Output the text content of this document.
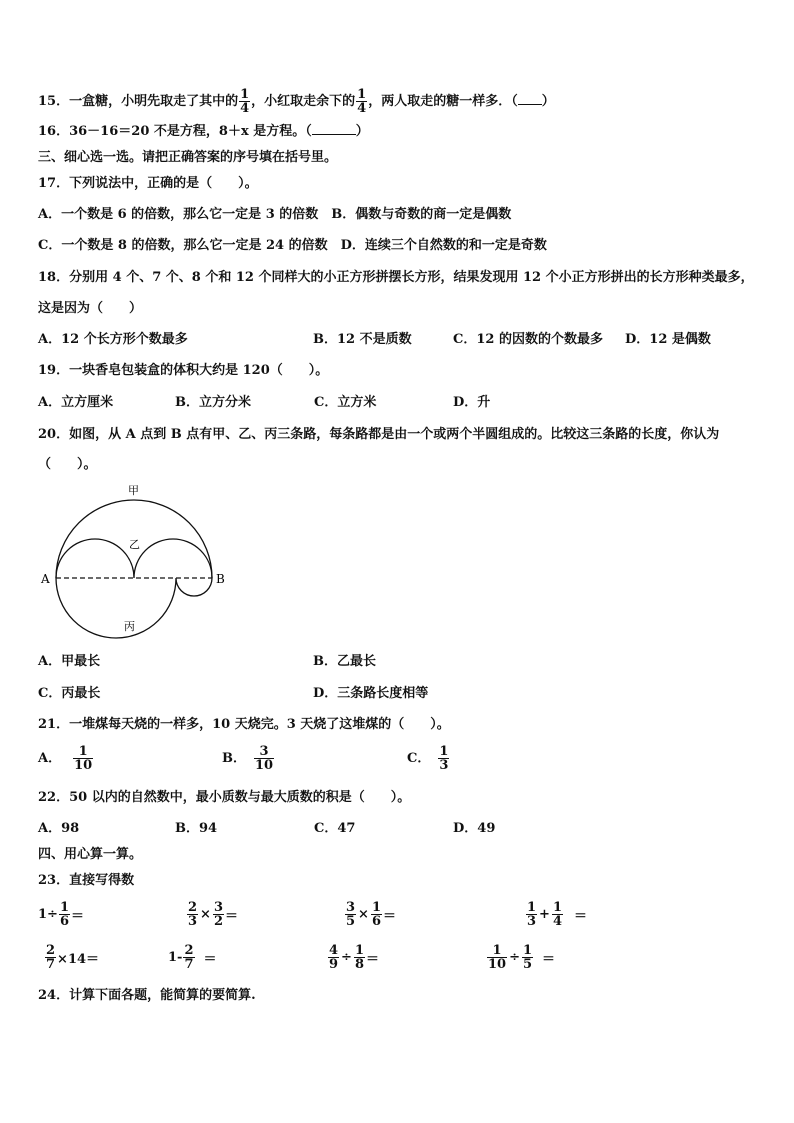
15．一盒糖，小明先取走了其中的 $\frac{1}{4}$ ，小红取走余下的 $\frac{1}{4}$ ，两人取走的糖一样多．（ ）
16．36－16＝20 不是方程，8＋x 是方程。（	）
三、细心选一选。请把正确答案的序号填在括号里。
17．下列说法中，正确的是（　　）。
A．一个数是 6 的倍数，那么它一定是 3 的倍数　B．偶数与奇数的商一定是偶数
C．一个数是 8 的倍数，那么它一定是 24 的倍数　D．连续三个自然数的和一定是奇数
18．分别用 4 个、7 个、8 个和 12 个同样大的小正方形拼摆长方形，结果发现用 12 个小正方形拼出的长方形种类最多，
这是因为（　　）
A．12 个长方形个数最多	B．12 不是质数	C．12 的因数的个数最多 D．12 是偶数
19．一块香皂包装盒的体积大约是 120（　　）。
A．立方厘米	B．立方分米	C．立方米	D．升
20．如图，从 A 点到 B 点有甲、乙、丙三条路，每条路都是由一个或两个半圆组成的。比较这三条路的长度，你认为
（　　）。
甲
乙
丙
A	B
A．甲最长	B．乙最长
C．丙最长	D．三条路长度相等
21．一堆煤每天烧的一样多，10 天烧完。3 天烧了这堆煤的（　　）。
A． $\frac{1}{10}$	B． $\frac{3}{10}$	C． $\frac{1}{3}$
22．50 以内的自然数中，最小质数与最大质数的积是（　　）。
A．98	B．94	C．47	D．49
四、用心算一算。
23．直接写得数
$1\div \frac{1}{6}$ ＝	$\frac{2}{3} \times \frac{3}{2}$ ＝	$\frac{3}{5} \times \frac{1}{6}$ ＝	$\frac{1}{3} + \frac{1}{4}$ ＝
$\frac{2}{7} \times 14=$	$1- \frac{2}{7}$ ＝	$\frac{4}{9} \div \frac{1}{8}$ ＝	$\frac{1}{10} \div \frac{1}{5}$ ＝
24．计算下面各题，能简算的要简算.
